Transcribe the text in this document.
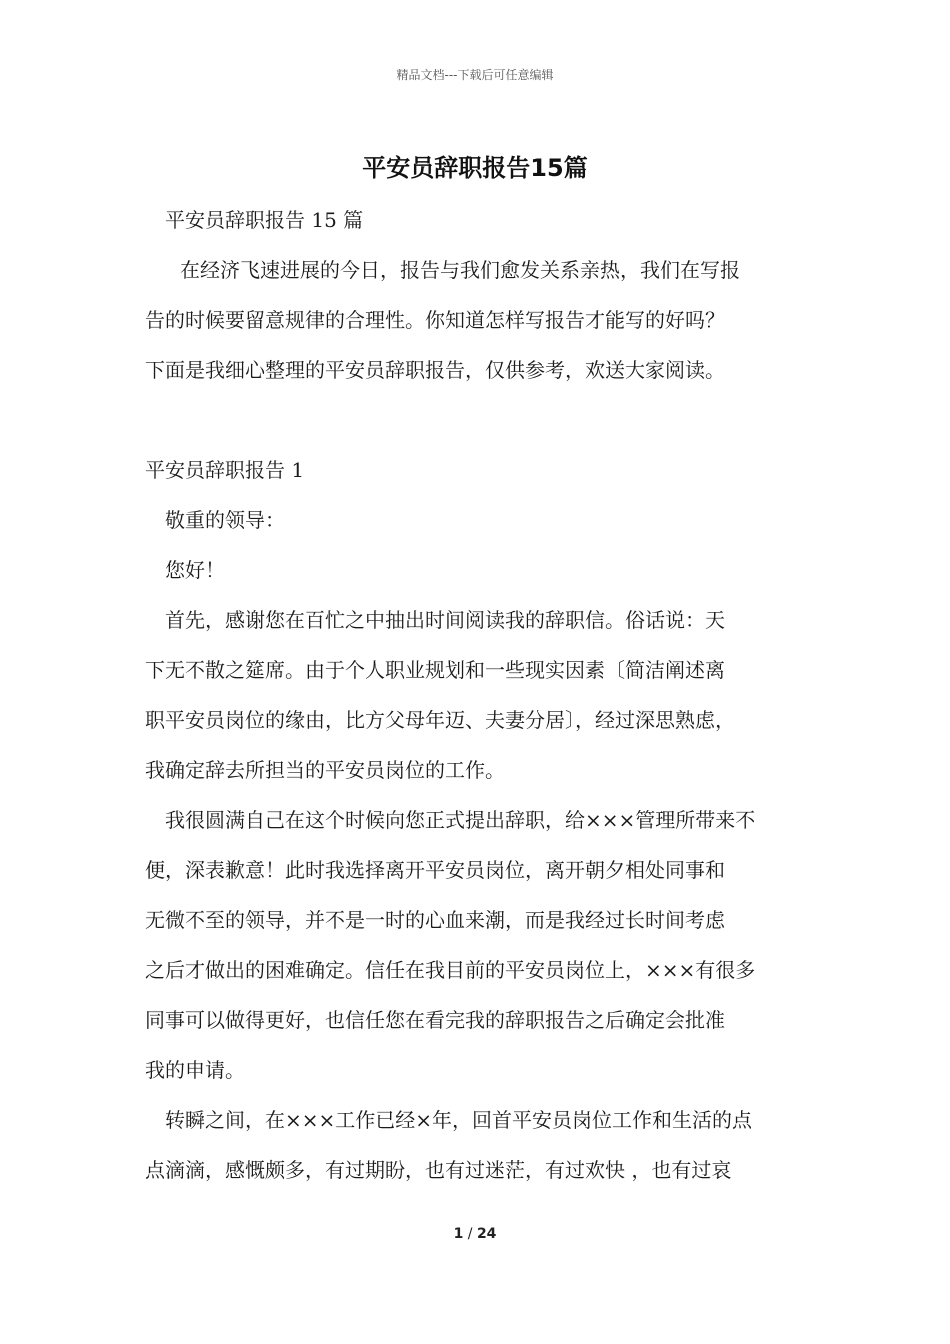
精品文档---下载后可任意编辑
平安员辞职报告15篇
平安员辞职报告 15 篇
在经济飞速进展的今日，报告与我们愈发关系亲热，我们在写报
告的时候要留意规律的合理性。你知道怎样写报告才能写的好吗？
下面是我细心整理的平安员辞职报告，仅供参考，欢送大家阅读。
平安员辞职报告 1
敬重的领导：
您好！
首先，感谢您在百忙之中抽出时间阅读我的辞职信。俗话说：天
下无不散之筵席。由于个人职业规划和一些现实因素〔简洁阐述离
职平安员岗位的缘由，比方父母年迈、夫妻分居〕，经过深思熟虑，
我确定辞去所担当的平安员岗位的工作。
我很圆满自己在这个时候向您正式提出辞职，给×××管理所带来不
便，深表歉意！此时我选择离开平安员岗位，离开朝夕相处同事和
无微不至的领导，并不是一时的心血来潮，而是我经过长时间考虑
之后才做出的困难确定。信任在我目前的平安员岗位上，×××有很多
同事可以做得更好，也信任您在看完我的辞职报告之后确定会批准
我的申请。
转瞬之间，在×××工作已经×年，回首平安员岗位工作和生活的点
点滴滴，感慨颇多，有过期盼，也有过迷茫，有过欢快 ，也有过哀
1 / 24
